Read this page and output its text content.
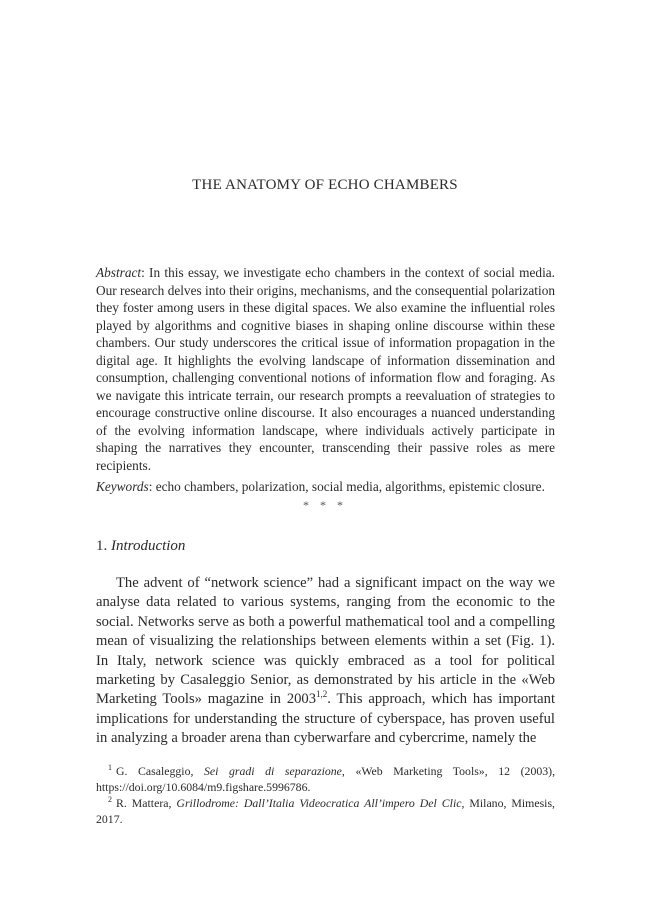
THE ANATOMY OF ECHO CHAMBERS

Abstract: In this essay, we investigate echo chambers in the context of social media. Our research delves into their origins, mechanisms, and the consequential polarization they foster among users in these digital spaces. We also examine the influential roles played by algorithms and cognitive biases in shaping online discourse within these chambers. Our study underscores the critical issue of information propagation in the digital age. It highlights the evolving landscape of information dissemination and consumption, challenging conventional notions of information flow and foraging. As we navigate this intricate terrain, our research prompts a reevaluation of strategies to encourage constructive online discourse. It also encourages a nuanced understanding of the evolving information landscape, where individuals actively participate in shaping the narratives they encounter, transcending their passive roles as mere recipients.

Keywords: echo chambers, polarization, social media, algorithms, epistemic closure.

* * *
1. Introduction

The advent of “network science” had a significant impact on the way we analyse data related to various systems, ranging from the economic to the social. Networks serve as both a powerful mathematical tool and a compelling mean of visualizing the relationships between elements within a set (Fig. 1). In Italy, network science was quickly embraced as a tool for political marketing by Casaleggio Senior, as demonstrated by his article in the «Web Marketing Tools» magazine in 2003$^{1,2}$. This approach, which has important implications for understanding the structure of cyberspace, has proven useful in analyzing a broader arena than cyberwarfare and cybercrime, namely the

$^1$ G. Casaleggio, Sei gradi di separazione, «Web Marketing Tools», 12 (2003), https://doi.org/10.6084/m9.figshare.5996786.

$^2$ R. Mattera, Grillodrome: Dall’Italia Videocratica All’impero Del Clic, Milano, Mimesis, 2017.
